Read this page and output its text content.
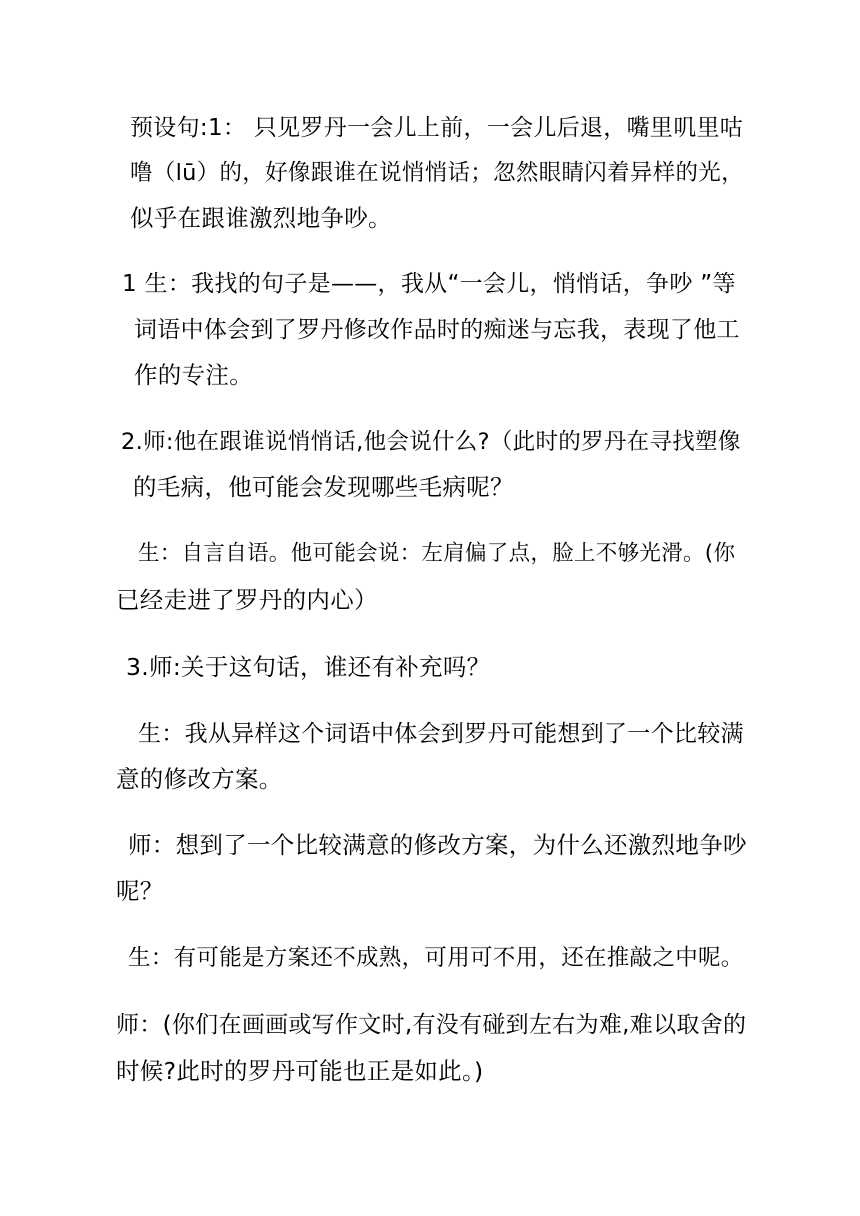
预设句:1： 只见罗丹一会儿上前，一会儿后退，嘴里叽里咕
噜（lū）的，好像跟谁在说悄悄话；忽然眼睛闪着异样的光，
似乎在跟谁激烈地争吵。
1 生：我找的句子是——，我从“一会儿，悄悄话，争吵 ”等
词语中体会到了罗丹修改作品时的痴迷与忘我，表现了他工
作的专注。
2.师:他在跟谁说悄悄话,他会说什么?（此时的罗丹在寻找塑像
的毛病，他可能会发现哪些毛病呢？
生：自言自语。他可能会说：左肩偏了点，脸上不够光滑。(你
已经走进了罗丹的内心）
3.师:关于这句话，谁还有补充吗？
生：我从异样这个词语中体会到罗丹可能想到了一个比较满
意的修改方案。
师：想到了一个比较满意的修改方案，为什么还激烈地争吵
呢？
生：有可能是方案还不成熟，可用可不用，还在推敲之中呢。
师：(你们在画画或写作文时,有没有碰到左右为难,难以取舍的
时候?此时的罗丹可能也正是如此。)
